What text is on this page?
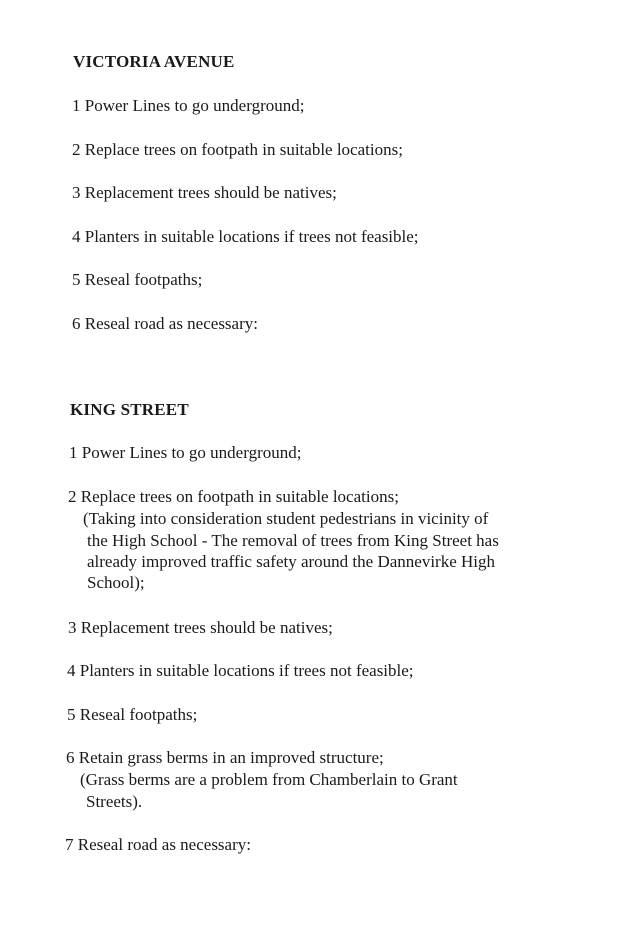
VICTORIA AVENUE

1 Power Lines to go underground;

2 Replace trees on footpath in suitable locations;

3 Replacement trees should be natives;

4 Planters in suitable locations if trees not feasible;

5 Reseal footpaths;

6 Reseal road as necessary:

KING STREET

1 Power Lines to go underground;

2 Replace trees on footpath in suitable locations;

(Taking into consideration student pedestrians in vicinity of
the High School - The removal of trees from King Street has
already improved traffic safety around the Dannevirke High
School);

3 Replacement trees should be natives;

4 Planters in suitable locations if trees not feasible;

5 Reseal footpaths;

6 Retain grass berms in an improved structure;

(Grass berms are a problem from Chamberlain to Grant
Streets).

7 Reseal road as necessary:
